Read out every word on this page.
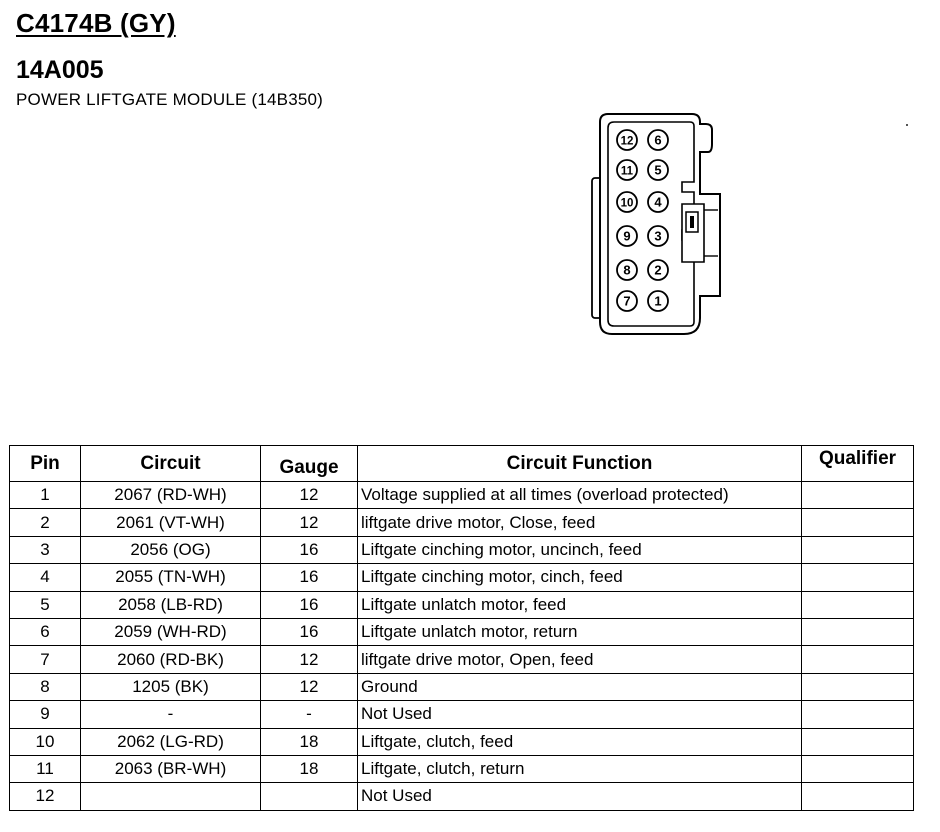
C4174B (GY)
14A005
POWER LIFTGATE MODULE (14B350)
12 6
11 5
10 4
9 3
8 2
7 1
Pin	Circuit	Gauge	Circuit Function	Qualifier
1	2067 (RD-WH)	12	Voltage supplied at all times (overload protected)	
2	2061 (VT-WH)	12	liftgate drive motor, Close, feed	
3	2056 (OG)	16	Liftgate cinching motor, uncinch, feed	
4	2055 (TN-WH)	16	Liftgate cinching motor, cinch, feed	
5	2058 (LB-RD)	16	Liftgate unlatch motor, feed	
6	2059 (WH-RD)	16	Liftgate unlatch motor, return	
7	2060 (RD-BK)	12	liftgate drive motor, Open, feed	
8	1205 (BK)	12	Ground	
9	-	-	Not Used	
10	2062 (LG-RD)	18	Liftgate, clutch, feed	
11	2063 (BR-WH)	18	Liftgate, clutch, return	
12			Not Used	
